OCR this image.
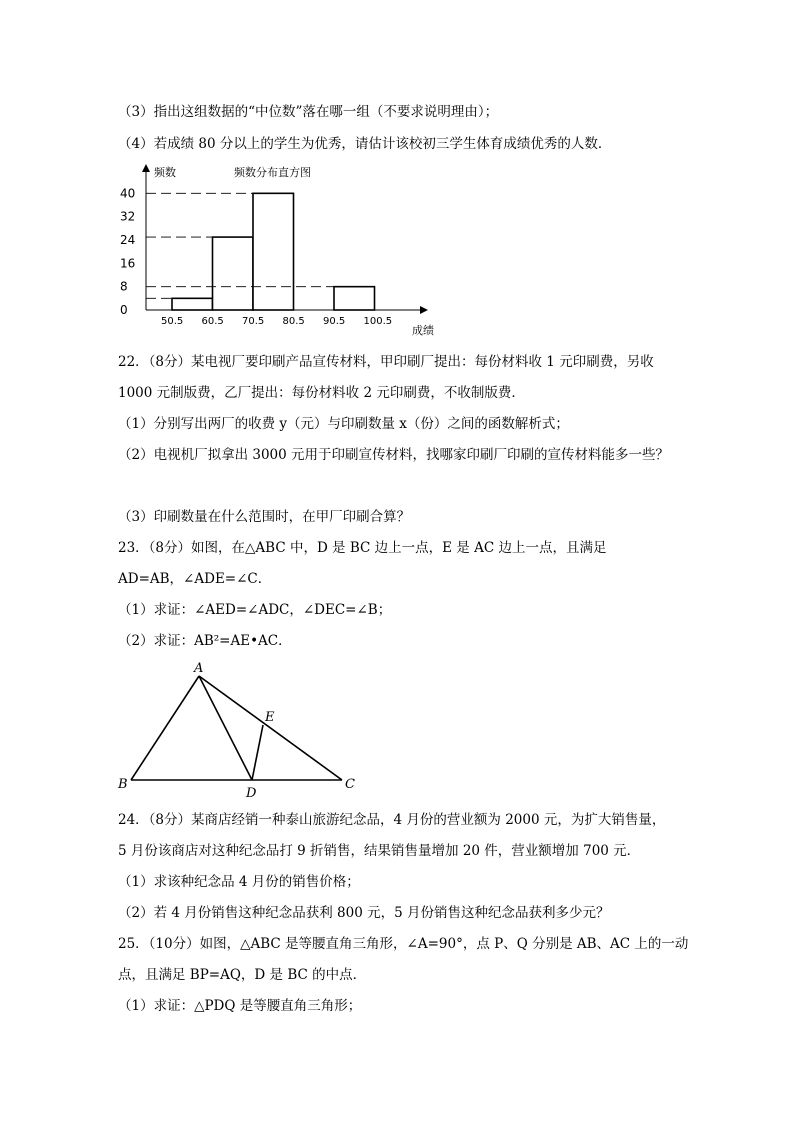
（3）指出这组数据的“中位数”落在哪一组（不要求说明理由）；
（4）若成绩 80 分以上的学生为优秀，请估计该校初三学生体育成绩优秀的人数．
频数	频数分布直方图
成绩
0
8
16
24
32
40
50.5 60.5 70.5 80.5 90.5 100.5
22．（8分）某电视厂要印刷产品宣传材料，甲印刷厂提出：每份材料收 1 元印刷费，另收
1000 元制版费，乙厂提出：每份材料收 2 元印刷费，不收制版费．
（1）分别写出两厂的收费 y（元）与印刷数量 x（份）之间的函数解析式；
（2）电视机厂拟拿出 3000 元用于印刷宣传材料，找哪家印刷厂印刷的宣传材料能多一些？
（3）印刷数量在什么范围时，在甲厂印刷合算？
23．（8分）如图，在△ABC 中，D 是 BC 边上一点，E 是 AC 边上一点，且满足
AD=AB，∠ADE=∠C．
（1）求证：∠AED=∠ADC，∠DEC=∠B；
（2）求证：AB²=AE•AC．
A
B	C
D
E
24．（8分）某商店经销一种泰山旅游纪念品，4 月份的营业额为 2000 元，为扩大销售量，
5 月份该商店对这种纪念品打 9 折销售，结果销售量增加 20 件，营业额增加 700 元．
（1）求该种纪念品 4 月份的销售价格；
（2）若 4 月份销售这种纪念品获利 800 元，5 月份销售这种纪念品获利多少元？
25．（10分）如图，△ABC 是等腰直角三角形，∠A=90°，点 P、Q 分别是 AB、AC 上的一动
点，且满足 BP=AQ，D 是 BC 的中点．
（1）求证：△PDQ 是等腰直角三角形；
